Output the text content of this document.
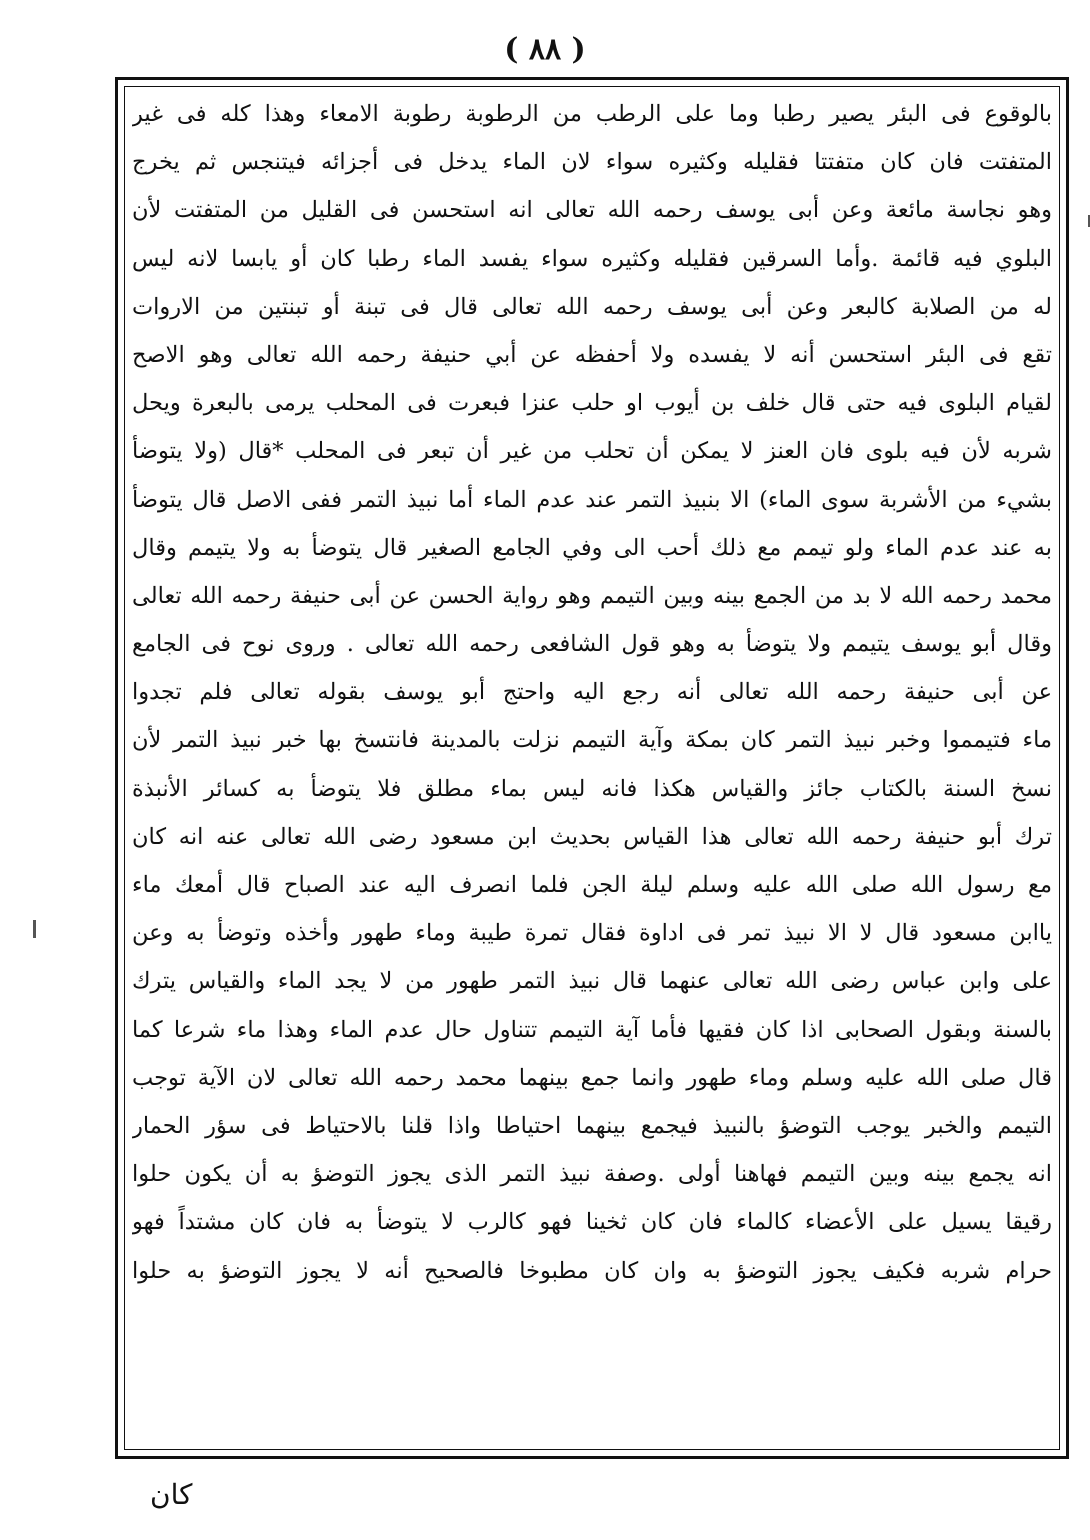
( ٨٨ )
بالوقوع فى البئر يصير رطبا وما على الرطب من الرطوبة رطوبة الامعاء وهذا كله فى غير
المتفتت فان كان متفتتا فقليله وكثيره سواء لان الماء يدخل فى أجزائه فيتنجس ثم يخرج
وهو نجاسة مائعة وعن أبى يوسف رحمه الله تعالى انه استحسن فى القليل من المتفتت لأن
البلوي فيه قائمة .وأما السرقين فقليله وكثيره سواء يفسد الماء رطبا كان أو يابسا لانه ليس
له من الصلابة كالبعر وعن أبى يوسف رحمه الله تعالى قال فى تبنة أو تبنتين من الاروات
تقع فى البئر استحسن أنه لا يفسده ولا أحفظه عن أبي حنيفة رحمه الله تعالى وهو الاصح
لقيام البلوى فيه حتى قال خلف بن أيوب او حلب عنزا فبعرت فى المحلب يرمى بالبعرة ويحل
شربه لأن فيه بلوى فان العنز لا يمكن أن تحلب من غير أن تبعر فى المحلب *قال (ولا يتوضأ
بشيء من الأشربة سوى الماء) الا بنبيذ التمر عند عدم الماء أما نبيذ التمر ففى الاصل قال يتوضأ
به عند عدم الماء ولو تيمم مع ذلك أحب الى وفي الجامع الصغير قال يتوضأ به ولا يتيمم وقال
محمد رحمه الله لا بد من الجمع بينه وبين التيمم وهو رواية الحسن عن أبى حنيفة رحمه الله تعالى
وقال أبو يوسف يتيمم ولا يتوضأ به وهو قول الشافعى رحمه الله تعالى . وروى نوح فى الجامع
عن أبى حنيفة رحمه الله تعالى أنه رجع اليه واحتج أبو يوسف بقوله تعالى فلم تجدوا
ماء فتيمموا وخبر نبيذ التمر كان بمكة وآية التيمم نزلت بالمدينة فانتسخ بها خبر نبيذ التمر لأن
نسخ السنة بالكتاب جائز والقياس هكذا فانه ليس بماء مطلق فلا يتوضأ به كسائر الأنبذة
ترك أبو حنيفة رحمه الله تعالى هذا القياس بحديث ابن مسعود رضى الله تعالى عنه انه كان
مع رسول الله صلى الله عليه وسلم ليلة الجن فلما انصرف اليه عند الصباح قال أمعك ماء
ياابن مسعود قال لا الا نبيذ تمر فى اداوة فقال تمرة طيبة وماء طهور وأخذه وتوضأ به وعن
على وابن عباس رضى الله تعالى عنهما قال نبيذ التمر طهور من لا يجد الماء والقياس يترك
بالسنة وبقول الصحابى اذا كان فقيها فأما آية التيمم تتناول حال عدم الماء وهذا ماء شرعا كما
قال صلى الله عليه وسلم وماء طهور وانما جمع بينهما محمد رحمه الله تعالى لان الآية توجب
التيمم والخبر يوجب التوضؤ بالنبيذ فيجمع بينهما احتياطا واذا قلنا بالاحتياط فى سؤر الحمار
انه يجمع بينه وبين التيمم فهاهنا أولى .وصفة نبيذ التمر الذى يجوز التوضؤ به أن يكون حلوا
رقيقا يسيل على الأعضاء كالماء فان كان ثخينا فهو كالرب لا يتوضأ به فان كان مشتداً فهو
حرام شربه فكيف يجوز التوضؤ به وان كان مطبوخا فالصحيح أنه لا يجوز التوضؤ به حلوا
كان
